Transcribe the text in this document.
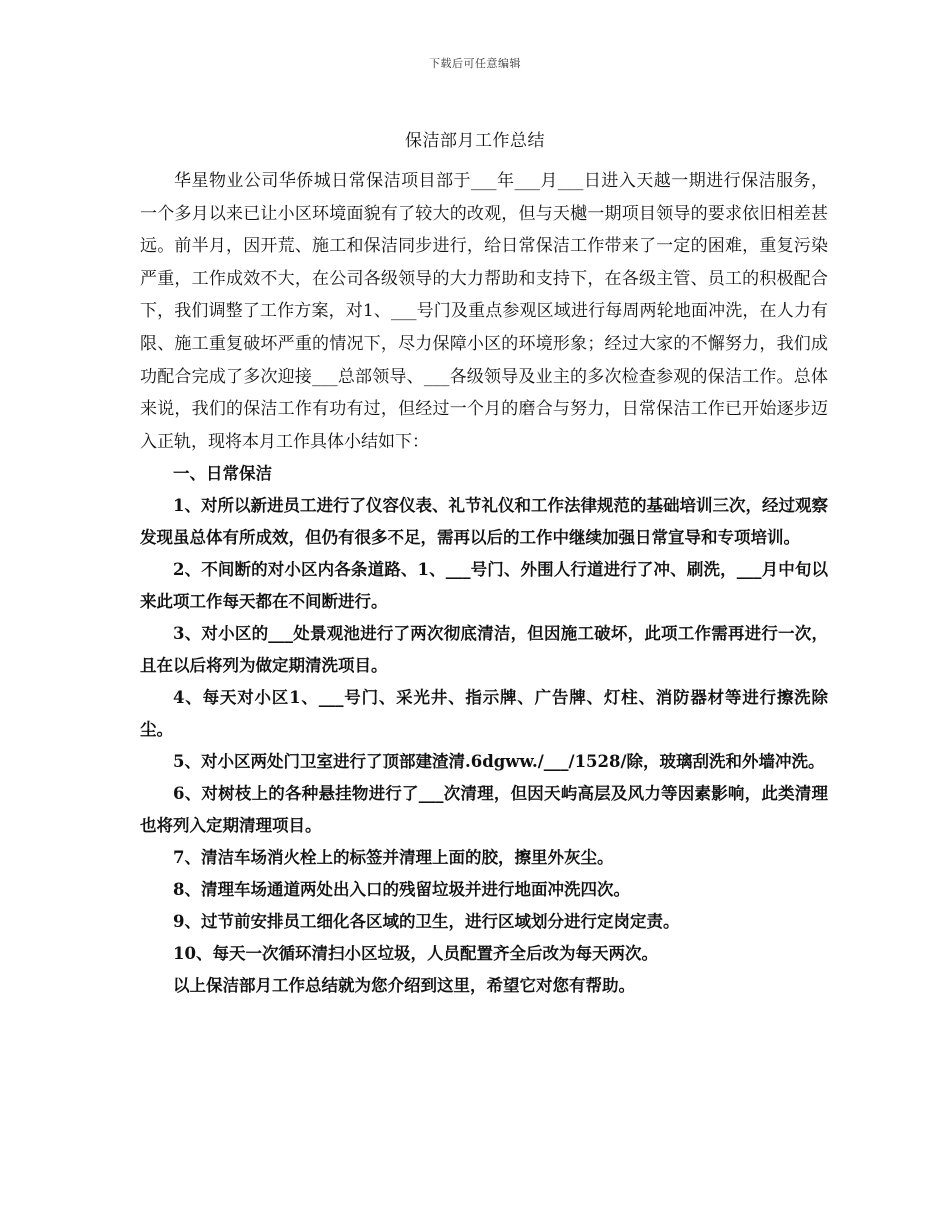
下载后可任意编辑
保洁部月工作总结

华星物业公司华侨城日常保洁项目部于___年___月___日进入天越一期进行保洁服务，一个多月以来已让小区环境面貌有了较大的改观，但与天樾一期项目领导的要求依旧相差甚远。前半月，因开荒、施工和保洁同步进行，给日常保洁工作带来了一定的困难，重复污染严重，工作成效不大，在公司各级领导的大力帮助和支持下，在各级主管、员工的积极配合下，我们调整了工作方案，对1、___号门及重点参观区域进行每周两轮地面冲洗，在人力有限、施工重复破坏严重的情况下，尽力保障小区的环境形象；经过大家的不懈努力，我们成功配合完成了多次迎接___总部领导、___各级领导及业主的多次检查参观的保洁工作。总体来说，我们的保洁工作有功有过，但经过一个月的磨合与努力，日常保洁工作已开始逐步迈入正轨，现将本月工作具体小结如下：

一、日常保洁

1、对所以新进员工进行了仪容仪表、礼节礼仪和工作法律规范的基础培训三次，经过观察发现虽总体有所成效，但仍有很多不足，需再以后的工作中继续加强日常宣导和专项培训。

2、不间断的对小区内各条道路、1、___号门、外围人行道进行了冲、刷洗，___月中旬以来此项工作每天都在不间断进行。

3、对小区的___处景观池进行了两次彻底清洁，但因施工破坏，此项工作需再进行一次，且在以后将列为做定期清洗项目。

4、每天对小区1、___号门、采光井、指示牌、广告牌、灯柱、消防器材等进行擦洗除尘。

5、对小区两处门卫室进行了顶部建渣清.6dgww./___/1528/除，玻璃刮洗和外墙冲洗。

6、对树枝上的各种悬挂物进行了___次清理，但因天屿高层及风力等因素影响，此类清理也将列入定期清理项目。

7、清洁车场消火栓上的标签并清理上面的胶，擦里外灰尘。

8、清理车场通道两处出入口的残留垃圾并进行地面冲洗四次。

9、过节前安排员工细化各区域的卫生，进行区域划分进行定岗定责。

10、每天一次循环清扫小区垃圾，人员配置齐全后改为每天两次。

以上保洁部月工作总结就为您介绍到这里，希望它对您有帮助。
